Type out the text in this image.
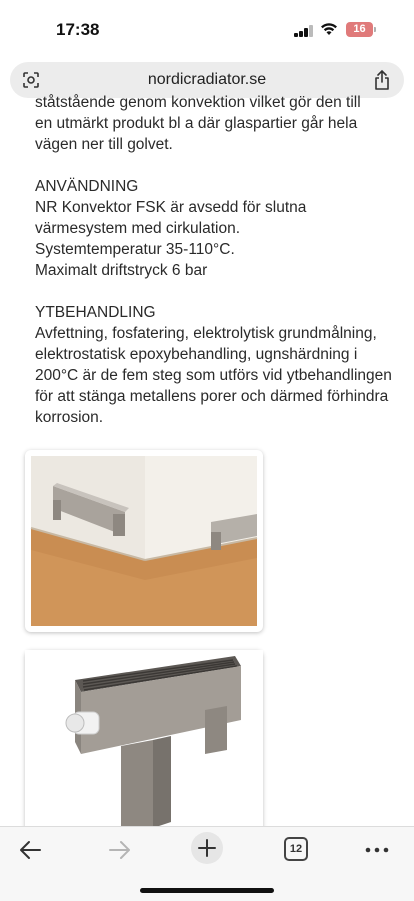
17:38	16
nordicradiator.se

ståtstående genom konvektion vilket gör den till

en utmärkt produkt bl a där glaspartier går hela vägen ner till golvet.

ANVÄNDNING

NR Konvektor FSK är avsedd för slutna värmesystem med cirkulation.

Systemtemperatur 35-110°C.

Maximalt driftstryck 6 bar

YTBEHANDLING

Avfettning, fosfatering, elektrolytisk grundmålning, elektrostatisk epoxybehandling, ugnshärdning i 200°C är de fem steg som utförs vid ytbehandlingen för att stänga metallens porer och därmed förhindra korrosion.

12
